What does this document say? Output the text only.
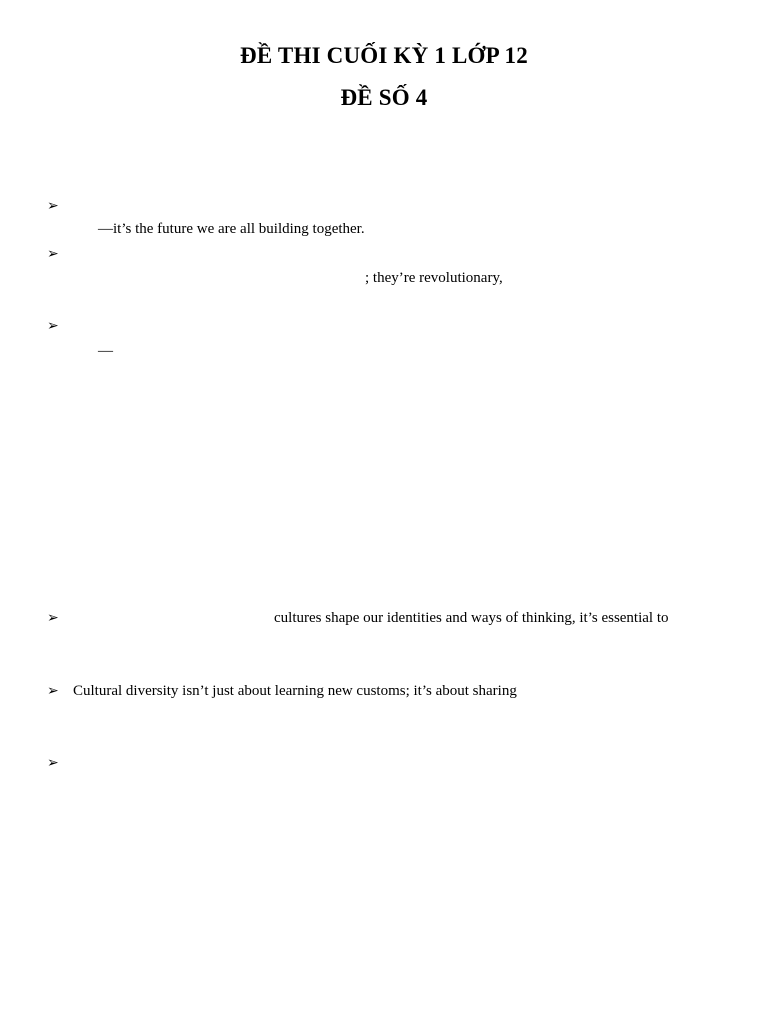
ĐỀ THI CUỐI KỲ 1 LỚP 12
ĐỀ SỐ 4
➢
—it’s the future we are all building together.
➢
; they’re revolutionary,
➢
—
➢	cultures shape our identities and ways of thinking, it’s essential to
➢ Cultural diversity isn’t just about learning new customs; it’s about sharing
➢
